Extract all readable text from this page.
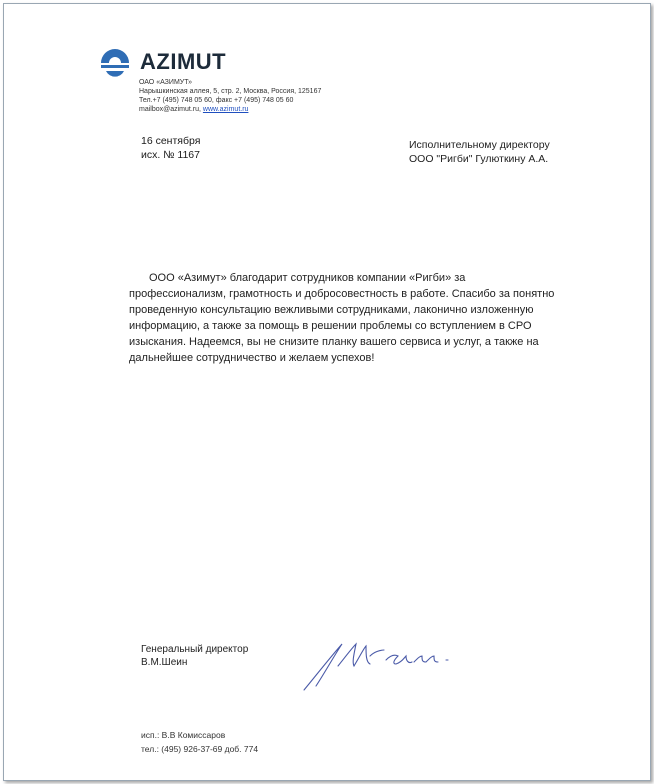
AZIMUT
ОАО «АЗИМУТ»
Нарышкинская аллея, 5, стр. 2, Москва, Россия, 125167
Тел.+7 (495) 748 05 60, факс +7 (495) 748 05 60
mailbox@azimut.ru, www.azimut.ru
16 сентября
исх. № 1167
Исполнительному директору
ООО "Ригби" Гулюткину А.А.
ООО «Азимут» благодарит сотрудников компании «Ригби» за профессионализм, грамотность и добросовестность в работе. Спасибо за понятно проведенную консультацию вежливыми сотрудниками, лаконично изложенную информацию, а также за помощь в решении проблемы со вступлением в СРО изыскания. Надеемся, вы не снизите планку вашего сервиса и услуг, а также на дальнейшее сотрудничество и желаем успехов!
Генеральный директор
В.М.Шеин
исп.: В.В Комиссаров
тел.: (495) 926-37-69 доб. 774
